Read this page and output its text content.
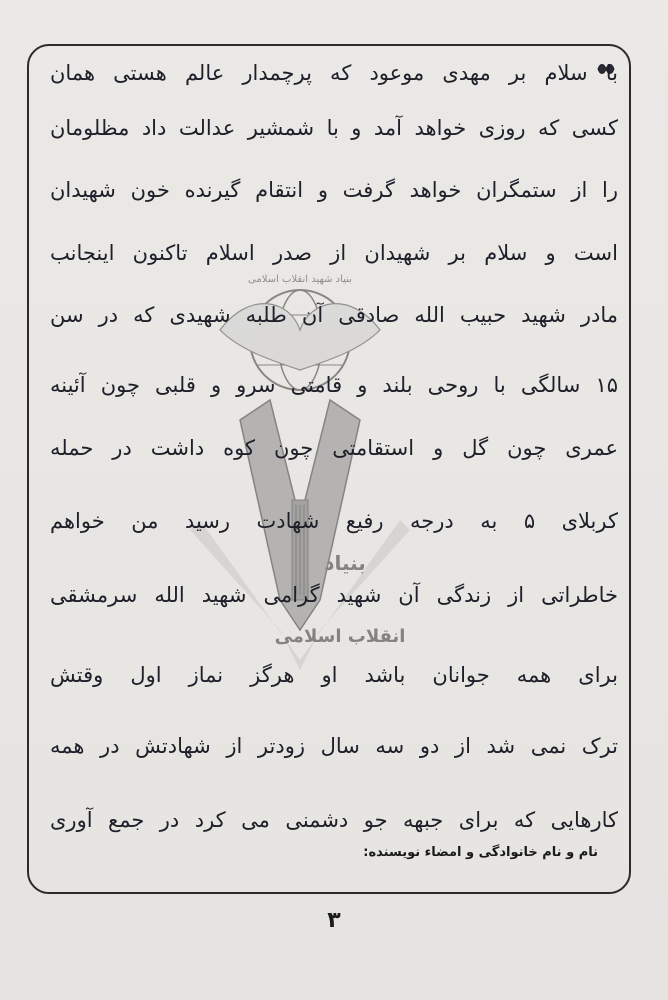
بنیاد
انقلاب اسلامی
بنیاد شهید انقلاب اسلامی
با سلام بر مهدی موعود که پرچمدار عالم هستی همان
کسی که روزی خواهد آمد و با شمشیر عدالت داد مظلومان
را از ستمگران خواهد گرفت و انتقام گیرنده خون شهیدان
است و سلام بر شهیدان از صدر اسلام تاکنون اینجانب
مادر شهید حبیب الله صادقی آن طلبه شهیدی که در سن
۱۵ سالگی با روحی بلند و قامتی سرو و قلبی چون آئینه
عمری چون گل و استقامتی چون کوه داشت در حمله
کربلای ۵ به درجه رفیع شهادت رسید من خواهم
خاطراتی از زندگی آن شهید گرامی شهید الله سرمشقی
برای همه جوانان باشد او هرگز نماز اول وقتش
ترک نمی شد از دو سه سال زودتر از شهادتش در همه
کارهایی که برای جبهه جو دشمنی می کرد در جمع آوری
نام و نام خانوادگی و امضاء نویسنده:
۳
